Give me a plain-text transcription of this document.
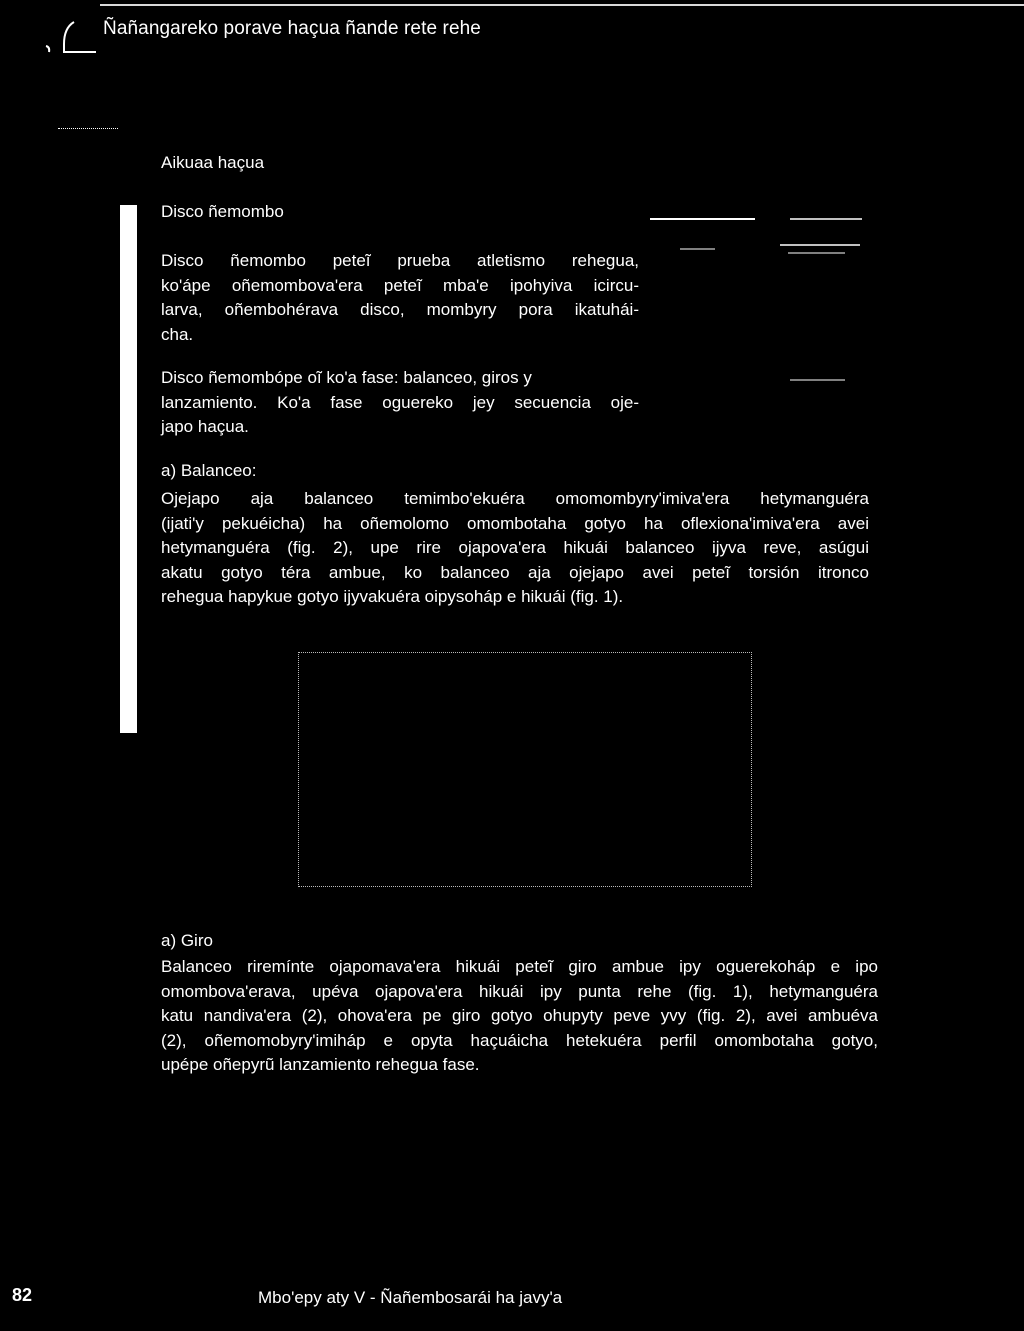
Ñañangareko porave haçua ñande rete rehe
Aikuaa haçua
Disco ñemombo
Disco ñemombo peteĩ prueba atletismo rehegua,
ko'ápe oñemombova'era peteĩ mba'e ipohyiva icircu-
larva, oñembohérava disco, mombyry pora ikatuhái-
cha.
Disco ñemombópe oĩ ko'a fase: balanceo, giros y
lanzamiento. Ko'a fase oguereko jey secuencia oje-
japo haçua.
a) Balanceo:
Ojejapo aja balanceo temimbo'ekuéra omomombyry'imiva'era hetymanguéra
(ijati'y pekuéicha) ha oñemolomo omombotaha gotyo ha oflexiona'imiva'era avei
hetymanguéra (fig. 2), upe rire ojapova'era hikuái balanceo ijyva reve, asúgui
akatu gotyo téra ambue, ko balanceo aja ojejapo avei peteĩ torsión itronco
rehegua hapykue gotyo ijyvakuéra oipysoháp e hikuái (fig. 1).
a) Giro
Balanceo riremínte ojapomava'era hikuái peteĩ giro ambue ipy oguerekoháp e ipo
omombova'erava, upéva ojapova'era hikuái ipy punta rehe (fig. 1), hetymanguéra
katu nandiva'era (2), ohova'era pe giro gotyo ohupyty peve yvy (fig. 2), avei ambuéva
(2), oñemomobyry'imiháp e opyta haçuáicha hetekuéra perfil omombotaha gotyo,
upépe oñepyrũ lanzamiento rehegua fase.
82	Mbo'epy aty V - Ñañembosarái ha javy'a
